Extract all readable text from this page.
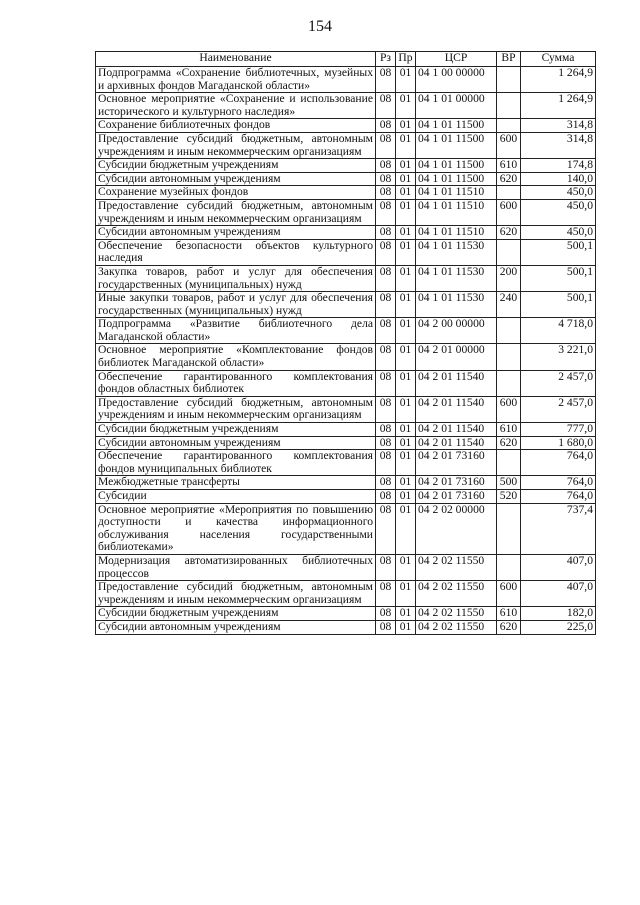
154
Наименование	Рз	Пр	ЦСР	ВР	Сумма
Подпрограмма «Сохранение библиотечных, музейных и архивных фондов Магаданской области»	08	01	04 1 00 00000		1 264,9
Основное мероприятие «Сохранение и использование исторического и культурного наследия»	08	01	04 1 01 00000		1 264,9
Сохранение библиотечных фондов	08	01	04 1 01 11500		314,8
Предоставление субсидий бюджетным, автономным учреждениям и иным некоммерческим организациям	08	01	04 1 01 11500	600	314,8
Субсидии бюджетным учреждениям	08	01	04 1 01 11500	610	174,8
Субсидии автономным учреждениям	08	01	04 1 01 11500	620	140,0
Сохранение музейных фондов	08	01	04 1 01 11510		450,0
Предоставление субсидий бюджетным, автономным учреждениям и иным некоммерческим организациям	08	01	04 1 01 11510	600	450,0
Субсидии автономным учреждениям	08	01	04 1 01 11510	620	450,0
Обеспечение безопасности объектов культурного наследия	08	01	04 1 01 11530		500,1
Закупка товаров, работ и услуг для обеспечения государственных (муниципальных) нужд	08	01	04 1 01 11530	200	500,1
Иные закупки товаров, работ и услуг для обеспечения государственных (муниципальных) нужд	08	01	04 1 01 11530	240	500,1
Подпрограмма «Развитие библиотечного дела Магаданской области»	08	01	04 2 00 00000		4 718,0
Основное мероприятие «Комплектование фондов библиотек Магаданской области»	08	01	04 2 01 00000		3 221,0
Обеспечение гарантированного комплектования фондов областных библиотек	08	01	04 2 01 11540		2 457,0
Предоставление субсидий бюджетным, автономным учреждениям и иным некоммерческим организациям	08	01	04 2 01 11540	600	2 457,0
Субсидии бюджетным учреждениям	08	01	04 2 01 11540	610	777,0
Субсидии автономным учреждениям	08	01	04 2 01 11540	620	1 680,0
Обеспечение гарантированного комплектования фондов муниципальных библиотек	08	01	04 2 01 73160		764,0
Межбюджетные трансферты	08	01	04 2 01 73160	500	764,0
Субсидии	08	01	04 2 01 73160	520	764,0
Основное мероприятие «Мероприятия по повышению доступности и качества информационного обслуживания населения государственными библиотеками»	08	01	04 2 02 00000		737,4
Модернизация автоматизированных библиотечных процессов	08	01	04 2 02 11550		407,0
Предоставление субсидий бюджетным, автономным учреждениям и иным некоммерческим организациям	08	01	04 2 02 11550	600	407,0
Субсидии бюджетным учреждениям	08	01	04 2 02 11550	610	182,0
Субсидии автономным учреждениям	08	01	04 2 02 11550	620	225,0
